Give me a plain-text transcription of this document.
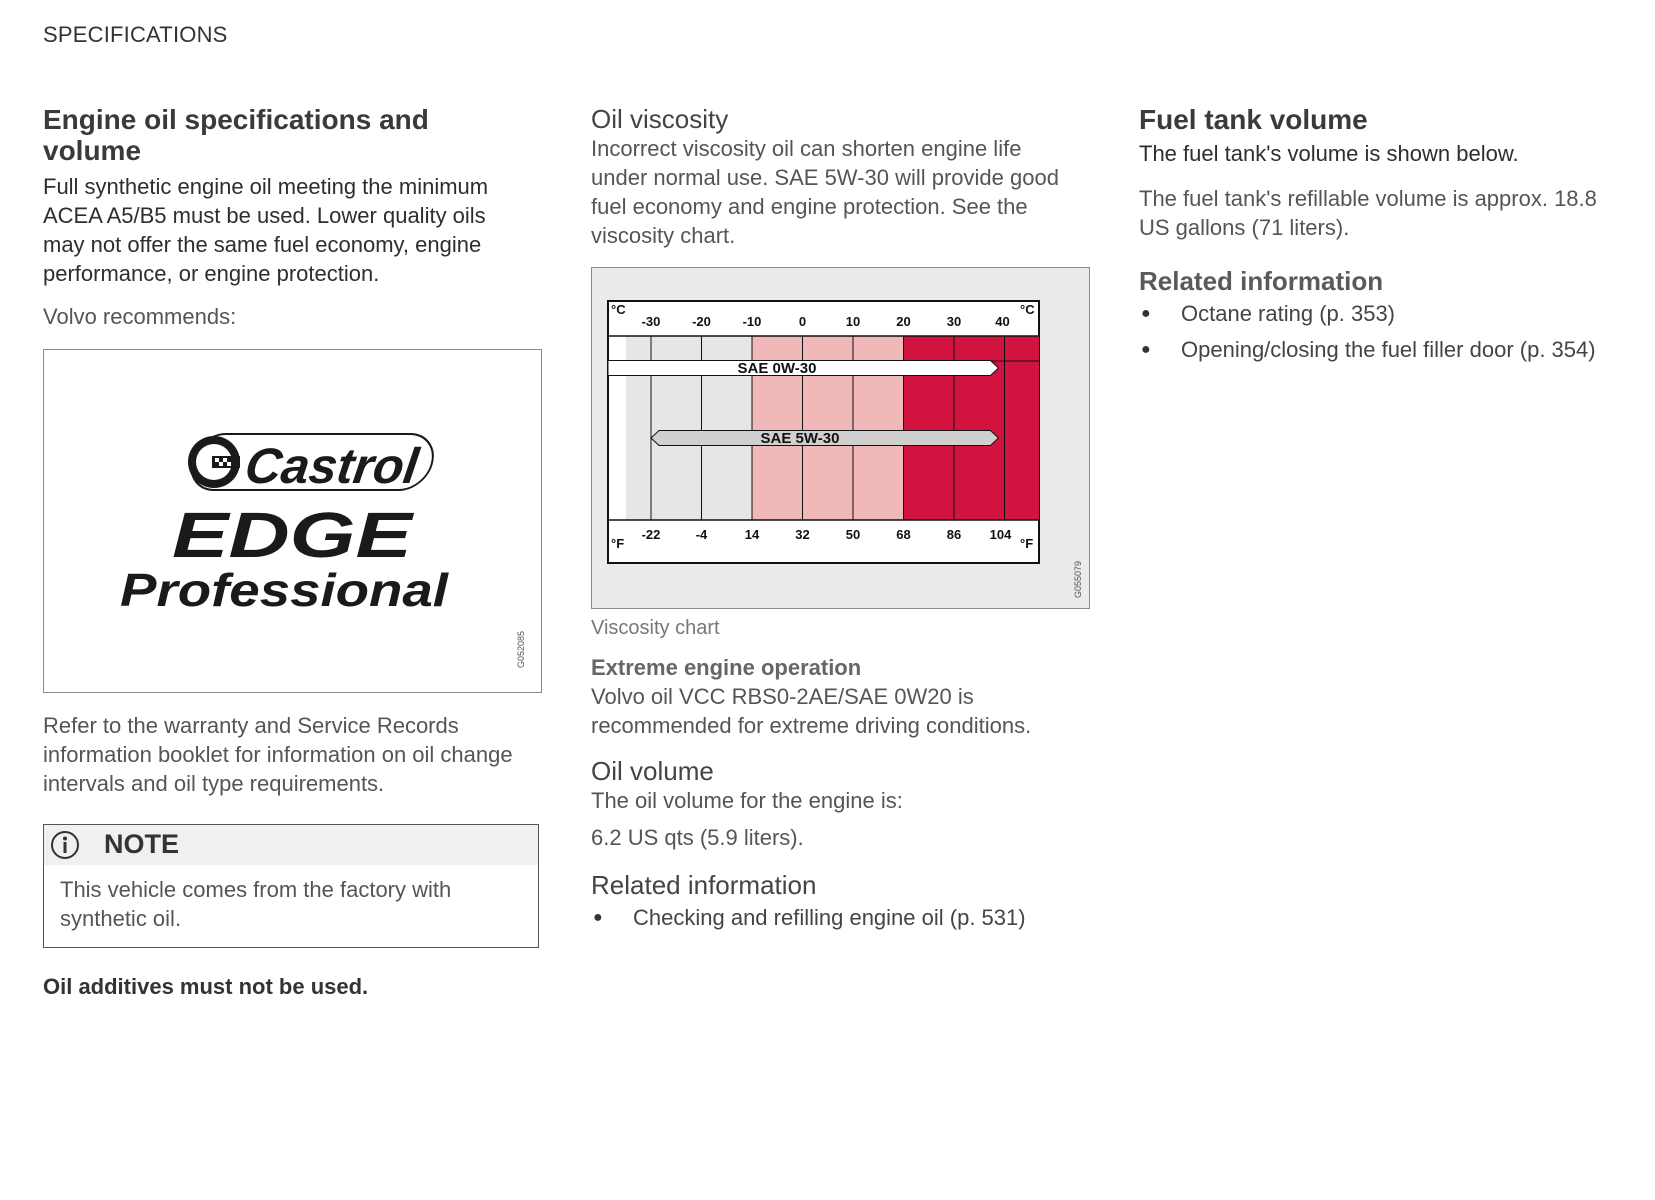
SPECIFICATIONS
Engine oil specifications and volume

Full synthetic engine oil meeting the minimum ACEA A5/B5 must be used. Lower quality oils may not offer the same fuel economy, engine performance, or engine protection.

Volvo recommends:

Castrol
EDGE
Professional
G052085

Refer to the warranty and Service Records information booklet for information on oil change intervals and oil type requirements.

NOTE

This vehicle comes from the factory with synthetic oil.

Oil additives must not be used.

Oil viscosity

Incorrect viscosity oil can shorten engine life under normal use. SAE 5W-30 will provide good fuel economy and engine protection. See the viscosity chart.

°C	°C
°F	°F
-30 -20 -10	0	10	20	30	40
-22	-4	14	32	50	68	86 104
SAE 0W-30
SAE 5W-30
G055079
Viscosity chart
Extreme engine operation

Volvo oil VCC RBS0-2AE/SAE 0W20 is recommended for extreme driving conditions.

Oil volume

The oil volume for the engine is:

6.2 US qts (5.9 liters).

Related information
● Checking and refilling engine oil (p. 531)
Fuel tank volume

The fuel tank's volume is shown below.

The fuel tank's refillable volume is approx. 18.8 US gallons (71 liters).

Related information
● Octane rating (p. 353)
● Opening/closing the fuel filler door (p. 354)
